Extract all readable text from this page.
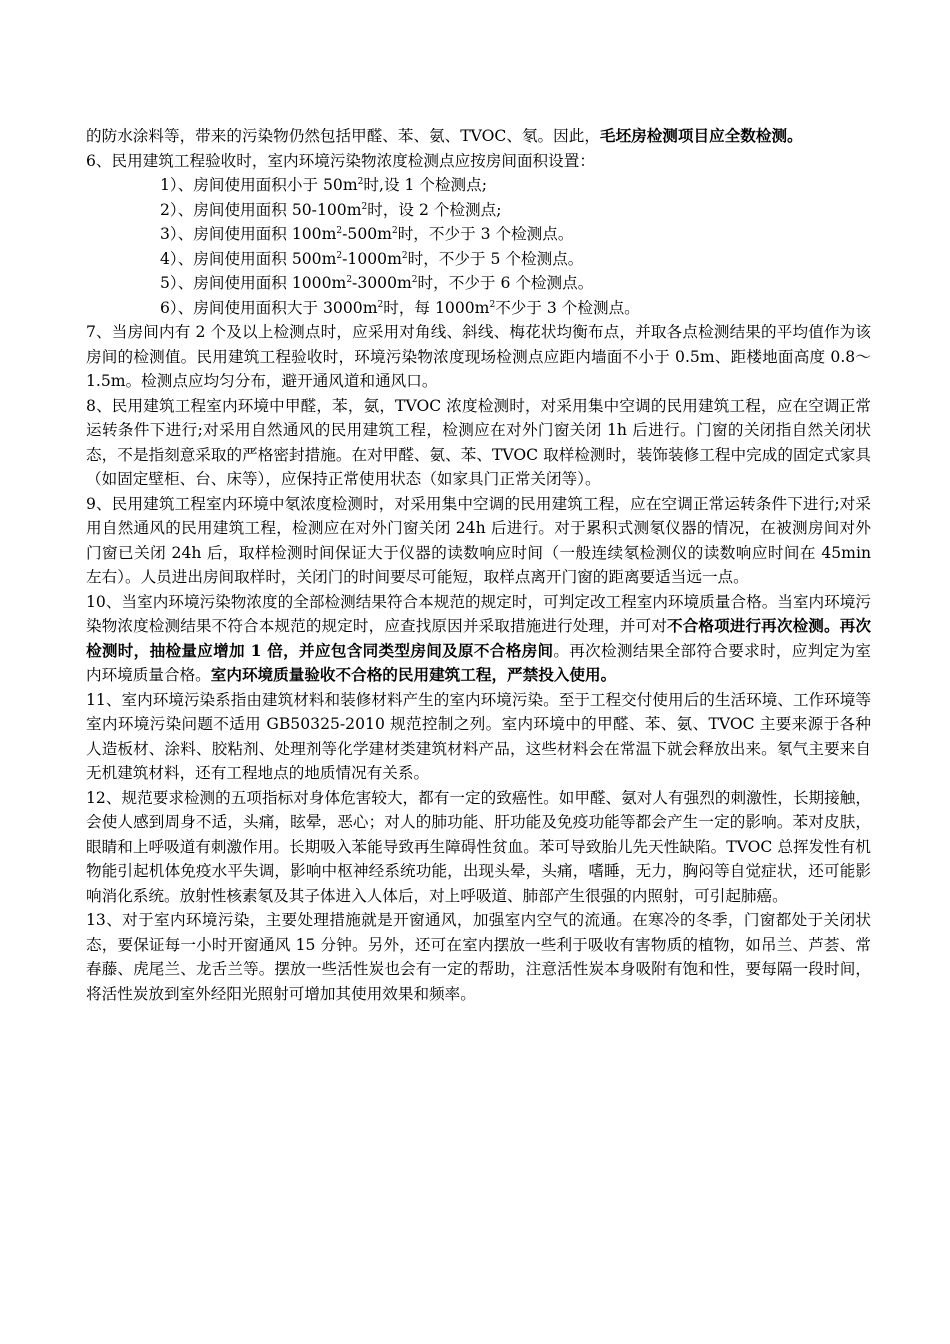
的防水涂料等，带来的污染物仍然包括甲醛、苯、氨、TVOC、氡。因此，毛坯房检测项目应全数检测。

6、民用建筑工程验收时，室内环境污染物浓度检测点应按房间面积设置：

1）、房间使用面积小于 $50m^2$时,设 1 个检测点;

2）、房间使用面积 $50-100m^2$时，设 2 个检测点;

3）、房间使用面积 $100m^2-500m^2$时，不少于 3 个检测点。

4）、房间使用面积 $500m^2-1000m^2$时，不少于 5 个检测点。

5）、房间使用面积 $1000m^2-3000m^2$时，不少于 6 个检测点。

6）、房间使用面积大于 $3000m^2$时，每 $1000m^2$不少于 3 个检测点。

7、当房间内有 2 个及以上检测点时，应采用对角线、斜线、梅花状均衡布点，并取各点检测结果的平均值作为该房间的检测值。民用建筑工程验收时，环境污染物浓度现场检测点应距内墙面不小于 0.5m、距楼地面高度 0.8～1.5m。检测点应均匀分布，避开通风道和通风口。

8、民用建筑工程室内环境中甲醛，苯，氨，TVOC 浓度检测时，对采用集中空调的民用建筑工程，应在空调正常运转条件下进行;对采用自然通风的民用建筑工程，检测应在对外门窗关闭 1h 后进行。门窗的关闭指自然关闭状态，不是指刻意采取的严格密封措施。在对甲醛、氨、苯、TVOC 取样检测时，装饰装修工程中完成的固定式家具（如固定壁柜、台、床等），应保持正常使用状态（如家具门正常关闭等）。

9、民用建筑工程室内环境中氡浓度检测时，对采用集中空调的民用建筑工程，应在空调正常运转条件下进行;对采用自然通风的民用建筑工程，检测应在对外门窗关闭 24h 后进行。对于累积式测氡仪器的情况，在被测房间对外门窗已关闭 24h 后，取样检测时间保证大于仪器的读数响应时间（一般连续氡检测仪的读数响应时间在 45min 左右）。人员进出房间取样时，关闭门的时间要尽可能短，取样点离开门窗的距离要适当远一点。

10、当室内环境污染物浓度的全部检测结果符合本规范的规定时，可判定改工程室内环境质量合格。当室内环境污染物浓度检测结果不符合本规范的规定时，应查找原因并采取措施进行处理，并可对不合格项进行再次检测。再次检测时，抽检量应增加 1 倍，并应包含同类型房间及原不合格房间。再次检测结果全部符合要求时，应判定为室内环境质量合格。室内环境质量验收不合格的民用建筑工程，严禁投入使用。

11、室内环境污染系指由建筑材料和装修材料产生的室内环境污染。至于工程交付使用后的生活环境、工作环境等室内环境污染问题不适用 GB50325-2010 规范控制之列。室内环境中的甲醛、苯、氨、TVOC 主要来源于各种人造板材、涂料、胶粘剂、处理剂等化学建材类建筑材料产品，这些材料会在常温下就会释放出来。氡气主要来自无机建筑材料，还有工程地点的地质情况有关系。

12、规范要求检测的五项指标对身体危害较大，都有一定的致癌性。如甲醛、氨对人有强烈的刺激性，长期接触，会使人感到周身不适，头痛，眩晕，恶心；对人的肺功能、肝功能及免疫功能等都会产生一定的影响。苯对皮肤，眼睛和上呼吸道有刺激作用。长期吸入苯能导致再生障碍性贫血。苯可导致胎儿先天性缺陷。TVOC 总挥发性有机物能引起机体免疫水平失调，影响中枢神经系统功能，出现头晕，头痛，嗜睡，无力，胸闷等自觉症状，还可能影响消化系统。放射性核素氡及其子体进入人体后，对上呼吸道、肺部产生很强的内照射，可引起肺癌。

13、对于室内环境污染，主要处理措施就是开窗通风，加强室内空气的流通。在寒冷的冬季，门窗都处于关闭状态，要保证每一小时开窗通风 15 分钟。另外，还可在室内摆放一些利于吸收有害物质的植物，如吊兰、芦荟、常春藤、虎尾兰、龙舌兰等。摆放一些活性炭也会有一定的帮助，注意活性炭本身吸附有饱和性，要每隔一段时间，将活性炭放到室外经阳光照射可增加其使用效果和频率。
